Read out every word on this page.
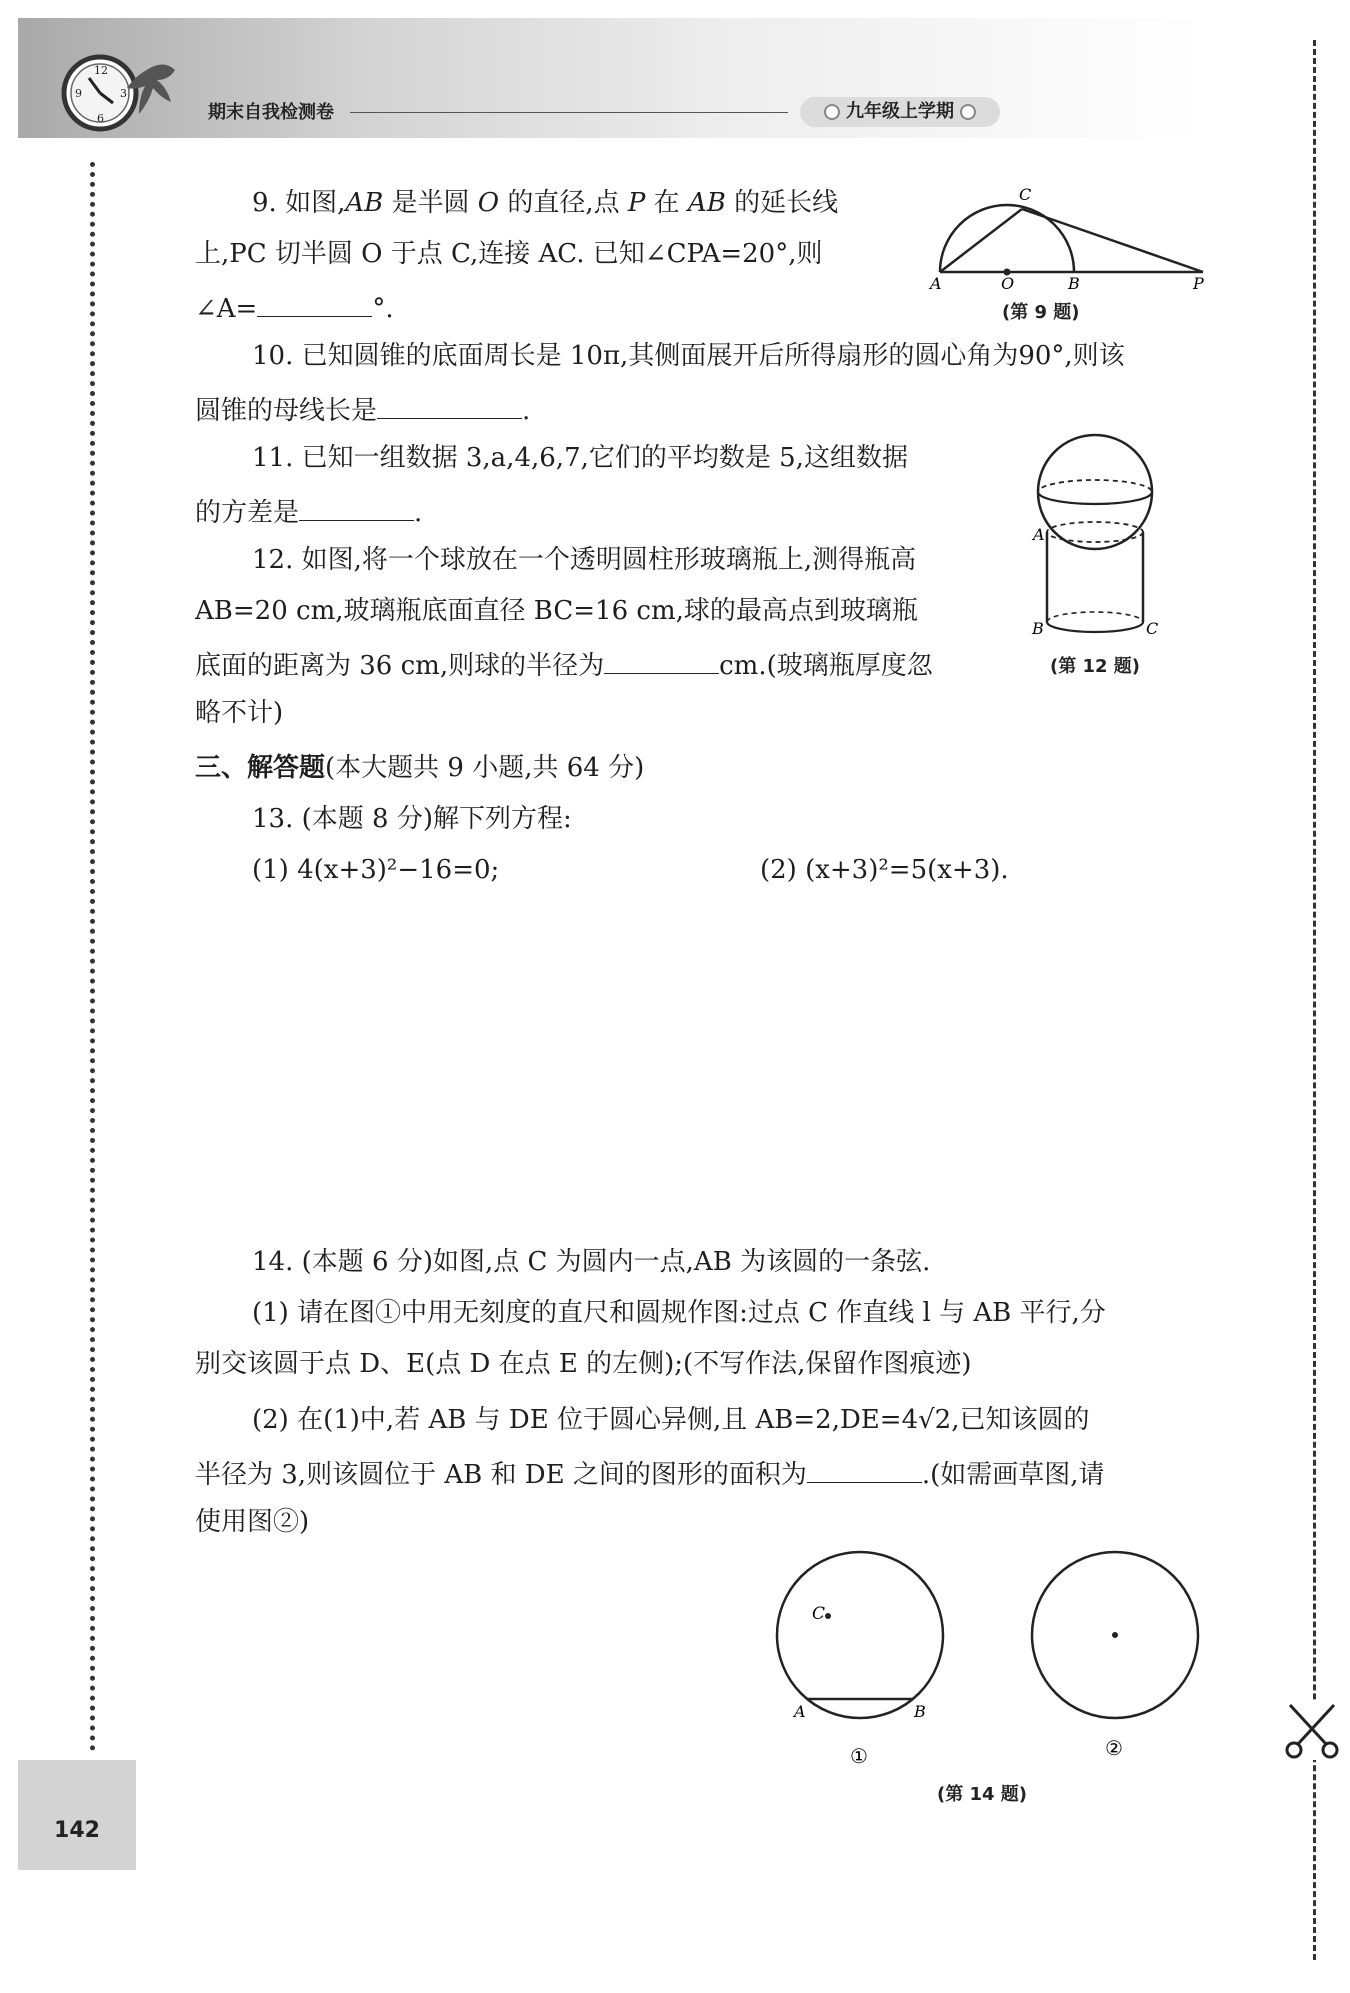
12
3
6
9
期末自我检测卷	九年级上学期
142
9. 如图,AB 是半圆 O 的直径,点 P 在 AB 的延长线
上,PC 切半圆 O 于点 C,连接 AC. 已知∠CPA=20°,则
∠A=	°.
A	O	B	P
C
(第 9 题)
10. 已知圆锥的底面周长是 10π,其侧面展开后所得扇形的圆心角为90°,则该
圆锥的母线长是	.
11. 已知一组数据 3,a,4,6,7,它们的平均数是 5,这组数据
的方差是	.
A
B	C
(第 12 题)
12. 如图,将一个球放在一个透明圆柱形玻璃瓶上,测得瓶高
AB=20 cm,玻璃瓶底面直径 BC=16 cm,球的最高点到玻璃瓶
底面的距离为 36 cm,则球的半径为	cm.(玻璃瓶厚度忽
略不计)
三、解答题(本大题共 9 小题,共 64 分)
13. (本题 8 分)解下列方程:
(1) 4(x+3)²−16=0;	(2) (x+3)²=5(x+3).
14. (本题 6 分)如图,点 C 为圆内一点,AB 为该圆的一条弦.
(1) 请在图①中用无刻度的直尺和圆规作图:过点 C 作直线 l 与 AB 平行,分
别交该圆于点 D、E(点 D 在点 E 的左侧);(不写作法,保留作图痕迹)
(2) 在(1)中,若 AB 与 DE 位于圆心异侧,且 AB=2,DE=4√2,已知该圆的
半径为 3,则该圆位于 AB 和 DE 之间的图形的面积为	.(如需画草图,请
使用图②)
C
A	B
①	②
(第 14 题)
